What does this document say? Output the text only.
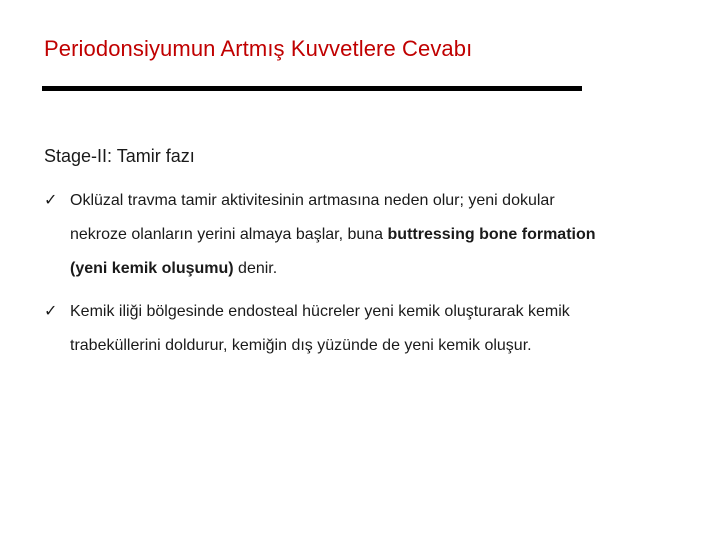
Periodonsiyumun Artmış Kuvvetlere Cevabı
Stage-II: Tamir fazı
✓ Oklüzal travma tamir aktivitesinin artmasına neden olur; yeni dokular
nekroze olanların yerini almaya başlar, buna buttressing bone formation
(yeni kemik oluşumu) denir.
✓ Kemik iliği bölgesinde endosteal hücreler yeni kemik oluşturarak kemik
trabeküllerini doldurur, kemiğin dış yüzünde de yeni kemik oluşur.
